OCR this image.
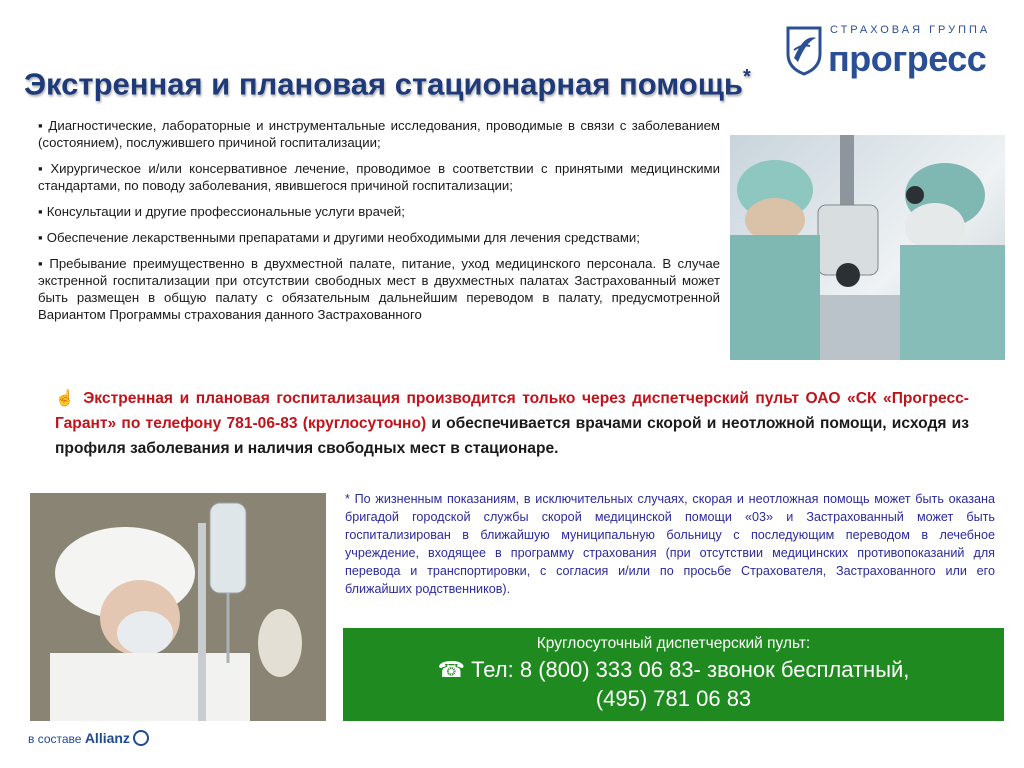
СТРАХОВАЯ ГРУППА
прогресс
Экстренная и плановая стационарная помощь*
▪ Диагностические, лабораторные и инструментальные исследования, проводимые в связи с заболеванием (состоянием), послужившего причиной госпитализации;
▪ Хирургическое и/или консервативное лечение, проводимое в соответствии с принятыми медицинскими стандартами, по поводу заболевания, явившегося причиной госпитализации;
▪ Консультации и другие профессиональные услуги врачей;
▪ Обеспечение лекарственными препаратами и другими необходимыми для лечения средствами;
▪ Пребывание преимущественно в двухместной палате, питание, уход медицинского персонала. В случае экстренной госпитализации при отсутствии свободных мест в двухместных палатах Застрахованный может быть размещен в общую палату с обязательным дальнейшим переводом в палату, предусмотренной Вариантом Программы страхования данного Застрахованного
☝ Экстренная и плановая госпитализация производится только через диспетчерский пульт ОАО «СК «Прогресс-Гарант» по телефону 781-06-83 (круглосуточно) и обеспечивается врачами скорой и неотложной помощи, исходя из профиля заболевания и наличия свободных мест в стационаре.
* По жизненным показаниям, в исключительных случаях, скорая и неотложная помощь может быть оказана бригадой городской службы скорой медицинской помощи «03» и Застрахованный может быть госпитализирован в ближайшую муниципальную больницу с последующим переводом в лечебное учреждение, входящее в программу страхования (при отсутствии медицинских противопоказаний для перевода и транспортировки, с согласия и/или по просьбе Страхователя, Застрахованного или его ближайших родственников).
Круглосуточный диспетчерский пульт:
☎ Тел: 8 (800) 333 06 83- звонок бесплатный,
(495) 781 06 83
в составе Allianz
